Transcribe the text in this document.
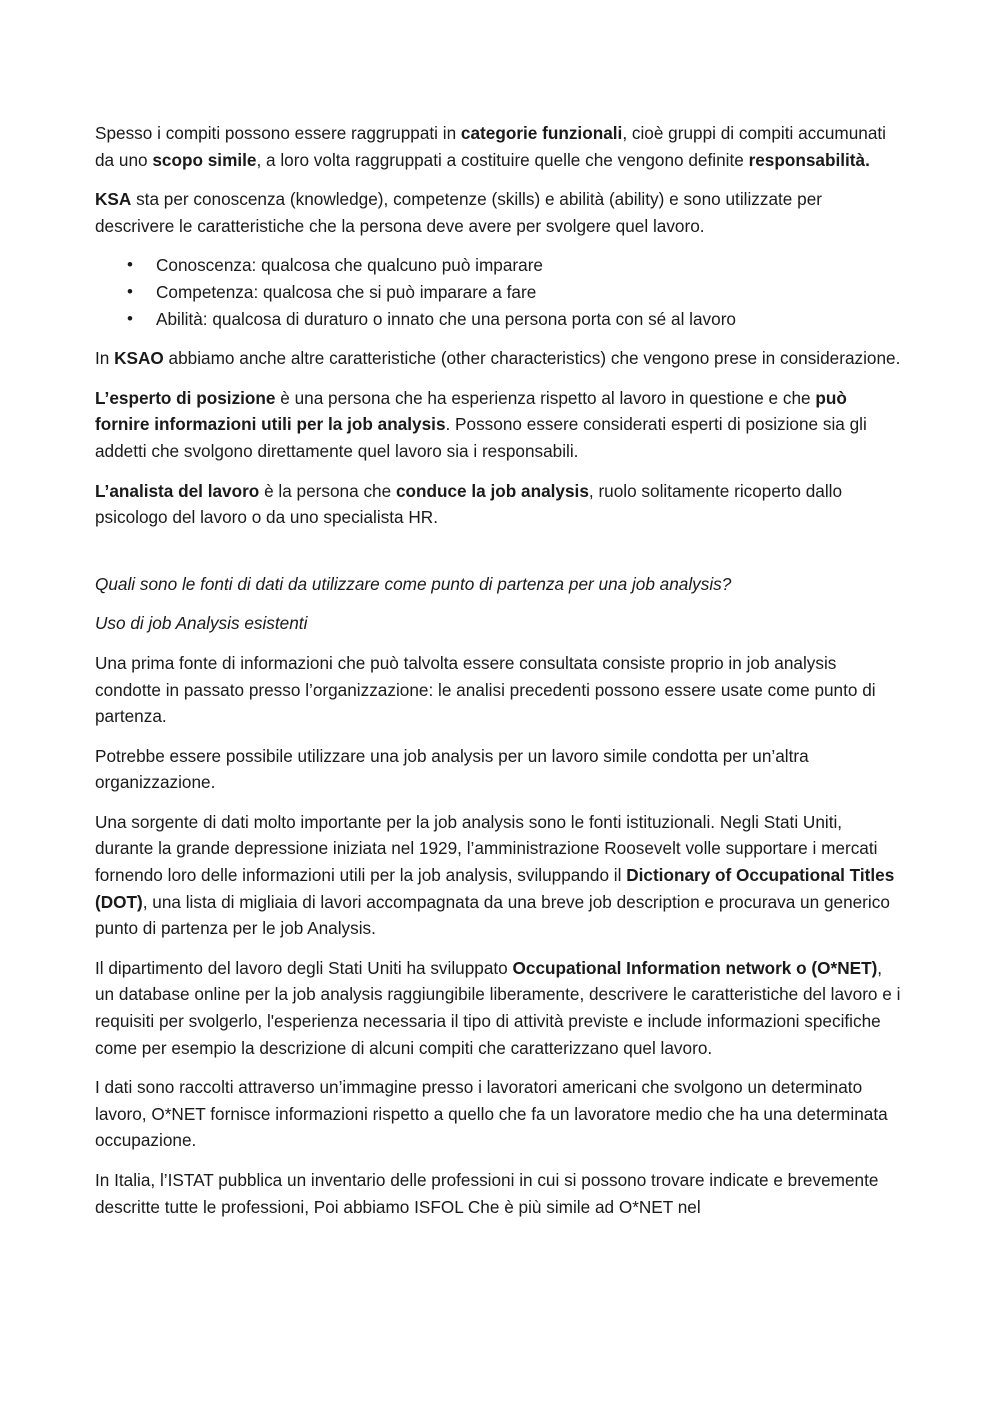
Spesso i compiti possono essere raggruppati in categorie funzionali, cioè gruppi di compiti accumunati da uno scopo simile, a loro volta raggruppati a costituire quelle che vengono definite responsabilità.

KSA sta per conoscenza (knowledge), competenze (skills) e abilità (ability) e sono utilizzate per descrivere le caratteristiche che la persona deve avere per svolgere quel lavoro.

• Conoscenza: qualcosa che qualcuno può imparare
• Competenza: qualcosa che si può imparare a fare
• Abilità: qualcosa di duraturo o innato che una persona porta con sé al lavoro

In KSAO abbiamo anche altre caratteristiche (other characteristics) che vengono prese in considerazione.

L’esperto di posizione è una persona che ha esperienza rispetto al lavoro in questione e che può fornire informazioni utili per la job analysis. Possono essere considerati esperti di posizione sia gli addetti che svolgono direttamente quel lavoro sia i responsabili.

L’analista del lavoro è la persona che conduce la job analysis, ruolo solitamente ricoperto dallo psicologo del lavoro o da uno specialista HR.

Quali sono le fonti di dati da utilizzare come punto di partenza per una job analysis?

Uso di job Analysis esistenti

Una prima fonte di informazioni che può talvolta essere consultata consiste proprio in job analysis condotte in passato presso l’organizzazione: le analisi precedenti possono essere usate come punto di partenza.

Potrebbe essere possibile utilizzare una job analysis per un lavoro simile condotta per un’altra organizzazione.

Una sorgente di dati molto importante per la job analysis sono le fonti istituzionali. Negli Stati Uniti, durante la grande depressione iniziata nel 1929, l’amministrazione Roosevelt volle supportare i mercati fornendo loro delle informazioni utili per la job analysis, sviluppando il Dictionary of Occupational Titles (DOT), una lista di migliaia di lavori accompagnata da una breve job description e procurava un generico punto di partenza per le job Analysis.

Il dipartimento del lavoro degli Stati Uniti ha sviluppato Occupational Information network o (O*NET), un database online per la job analysis raggiungibile liberamente, descrivere le caratteristiche del lavoro e i requisiti per svolgerlo, l'esperienza necessaria il tipo di attività previste e include informazioni specifiche come per esempio la descrizione di alcuni compiti che caratterizzano quel lavoro.

I dati sono raccolti attraverso un’immagine presso i lavoratori americani che svolgono un determinato lavoro, O*NET fornisce informazioni rispetto a quello che fa un lavoratore medio che ha una determinata occupazione.

In Italia, l’ISTAT pubblica un inventario delle professioni in cui si possono trovare indicate e brevemente descritte tutte le professioni, Poi abbiamo ISFOL Che è più simile ad O*NET nel
